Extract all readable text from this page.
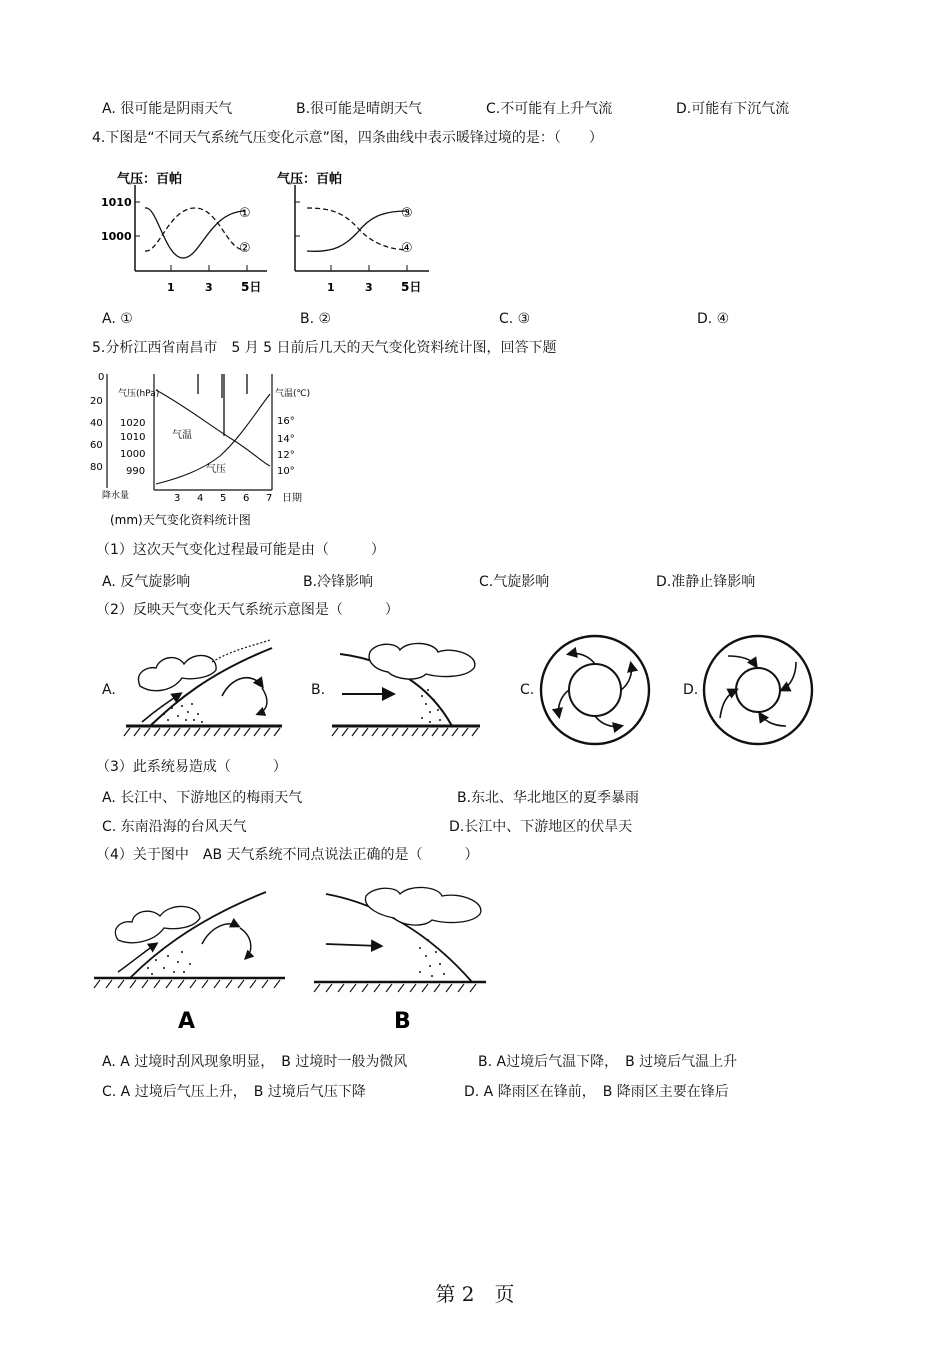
A. 很可能是阴雨天气	B.很可能是晴朗天气	C.不可能有上升气流	D.可能有下沉气流
4.下图是“不同天气系统气压变化示意”图，四条曲线中表示暖锋过境的是：（　　）
气压：百帕
1010
1000
①
②
1	3 5日
气压：百帕
③
④
1	3 5日
A. ①	B. ②	C. ③	D. ④
5.分析江西省南昌市　5 月 5 日前后几天的天气变化资料统计图，回答下题
0
20
40
60
80
降水量
气压(hPa)
1020
1010
1000
990
气温(℃)
16°
14°
12°
10°
3 4 5 6 7 日期
气温
气压
(mm)天气变化资料统计图
（1）这次天气变化过程最可能是由（　　　）
A. 反气旋影响	B.冷锋影响	C.气旋影响	D.准静止锋影响
（2）反映天气变化天气系统示意图是（　　　）
A.	B.	C.	D.
（3）此系统易造成（　　　）
A. 长江中、下游地区的梅雨天气	B.东北、华北地区的夏季暴雨
C. 东南沿海的台风天气	D.长江中、下游地区的伏旱天
（4）关于图中　AB 天气系统不同点说法正确的是（　　　）
A	B
A. A 过境时刮风现象明显，　B 过境时一般为微风	B. A过境后气温下降，　B 过境后气温上升
C. A 过境后气压上升，　B 过境后气压下降	D. A 降雨区在锋前，　B 降雨区主要在锋后
第 2　页
